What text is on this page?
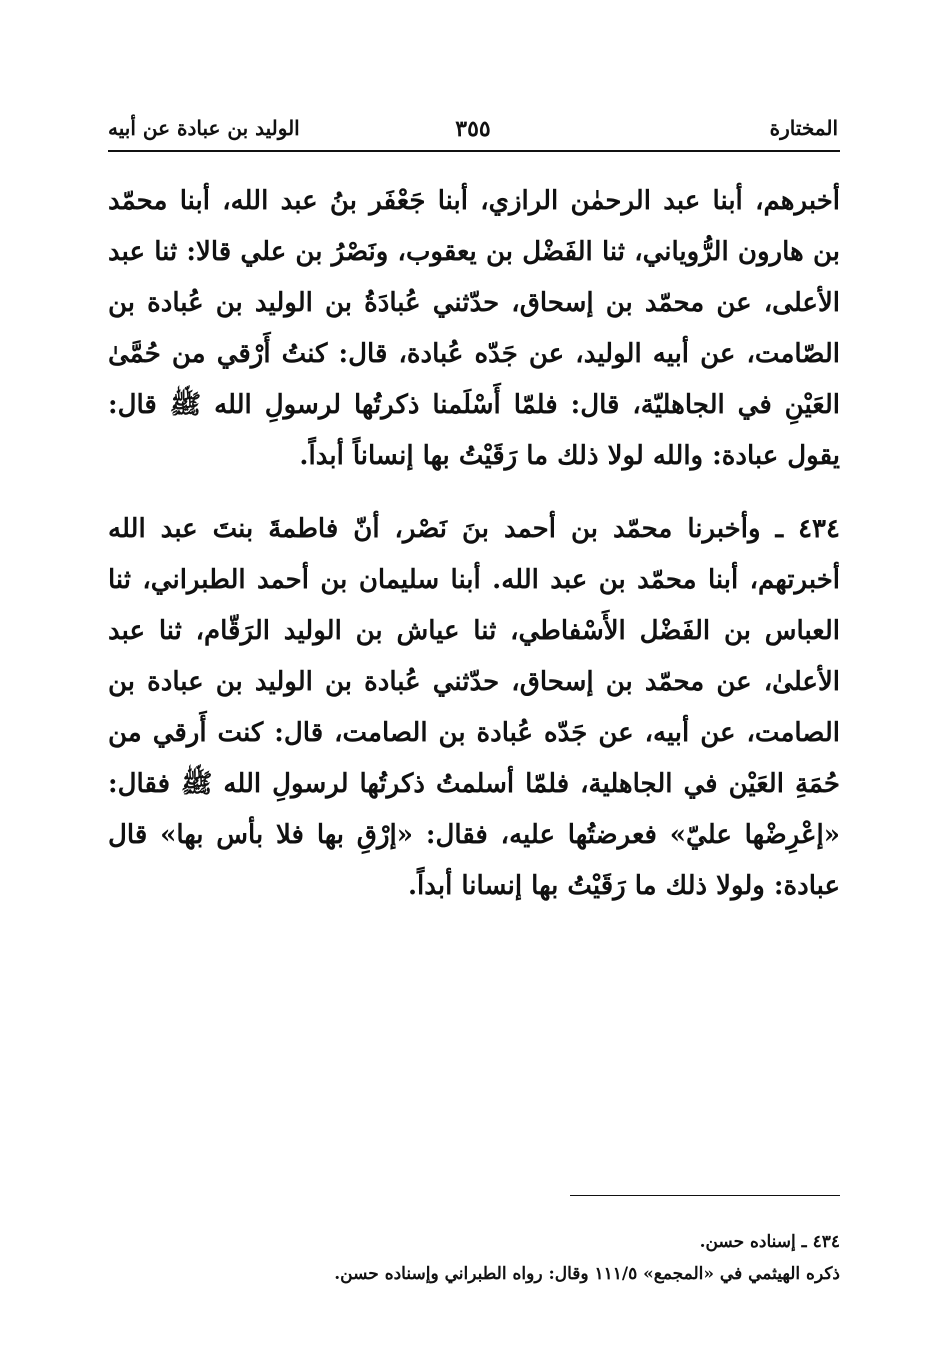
المختارة
٣٥٥
الوليد بن عبادة عن أبيه

أخبرهم، أبنا عبد الرحمٰن الرازي، أبنا جَعْفَر بنُ عبد الله، أبنا محمّد بن هارون الرُّوياني، ثنا الفَضْل بن يعقوب، ونَصْرُ بن علي قالا: ثنا عبد الأعلى، عن محمّد بن إسحاق، حدّثني عُبادَةُ بن الوليد بن عُبادة بن الصّامت، عن أبيه الوليد، عن جَدّه عُبادة، قال: كنتُ أَرْقي من حُمَّىٰ العَيْنِ في الجاهليّة، قال: فلمّا أَسْلَمنا ذكرتُها لرسولِ الله ﷺ قال: يقول عبادة: والله لولا ذلك ما رَقَيْتُ بها إنساناً أبداً.

٤٣٤ ـ وأخبرنا محمّد بن أحمد بنَ نَصْر، أنّ فاطمةَ بنتَ عبد الله أخبرتهم، أبنا محمّد بن عبد الله. أبنا سليمان بن أحمد الطبراني، ثنا العباس بن الفَضْل الأَسْفاطي، ثنا عياش بن الوليد الرَقّام، ثنا عبد الأعلىٰ، عن محمّد بن إسحاق، حدّثني عُبادة بن الوليد بن عبادة بن الصامت، عن أبيه، عن جَدّه عُبادة بن الصامت، قال: كنت أَرقي من حُمَةِ العَيْن في الجاهلية، فلمّا أسلمتُ ذكرتُها لرسولِ الله ﷺ فقال: «إعْرِضْها عليّ» فعرضتُها عليه، فقال: «إرْقِ بها فلا بأس بها» قال عبادة: ولولا ذلك ما رَقَيْتُ بها إنسانا أبداً.

٤٣٤ ـ إسناده حسن.

ذكره الهيثمي في «المجمع» ١١١/٥ وقال: رواه الطبراني وإسناده حسن.
